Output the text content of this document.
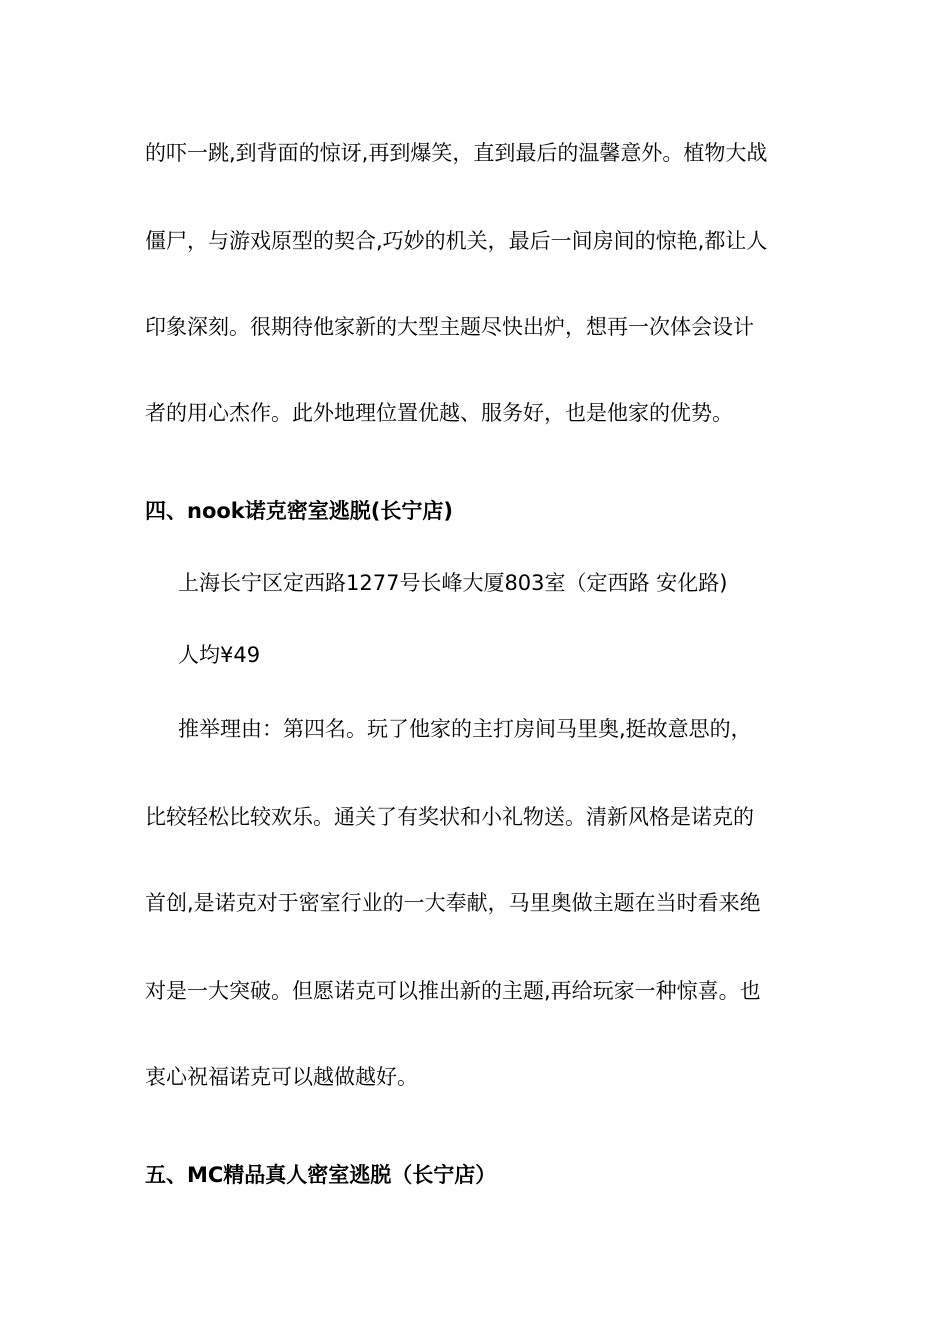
的吓一跳,到背面的惊讶,再到爆笑，直到最后的温馨意外。植物大战
僵尸，与游戏原型的契合,巧妙的机关，最后一间房间的惊艳,都让人
印象深刻。很期待他家新的大型主题尽快出炉，想再一次体会设计
者的用心杰作。此外地理位置优越、服务好，也是他家的优势。
四、nook诺克密室逃脱(长宁店)
上海长宁区定西路1277号长峰大厦803室（定西路 安化路)
人均¥49
推举理由：第四名。玩了他家的主打房间马里奥,挺故意思的，
比较轻松比较欢乐。通关了有奖状和小礼物送。清新风格是诺克的
首创,是诺克对于密室行业的一大奉献，马里奥做主题在当时看来绝
对是一大突破。但愿诺克可以推出新的主题,再给玩家一种惊喜。也
衷心祝福诺克可以越做越好。
五、MC精品真人密室逃脱（长宁店）
